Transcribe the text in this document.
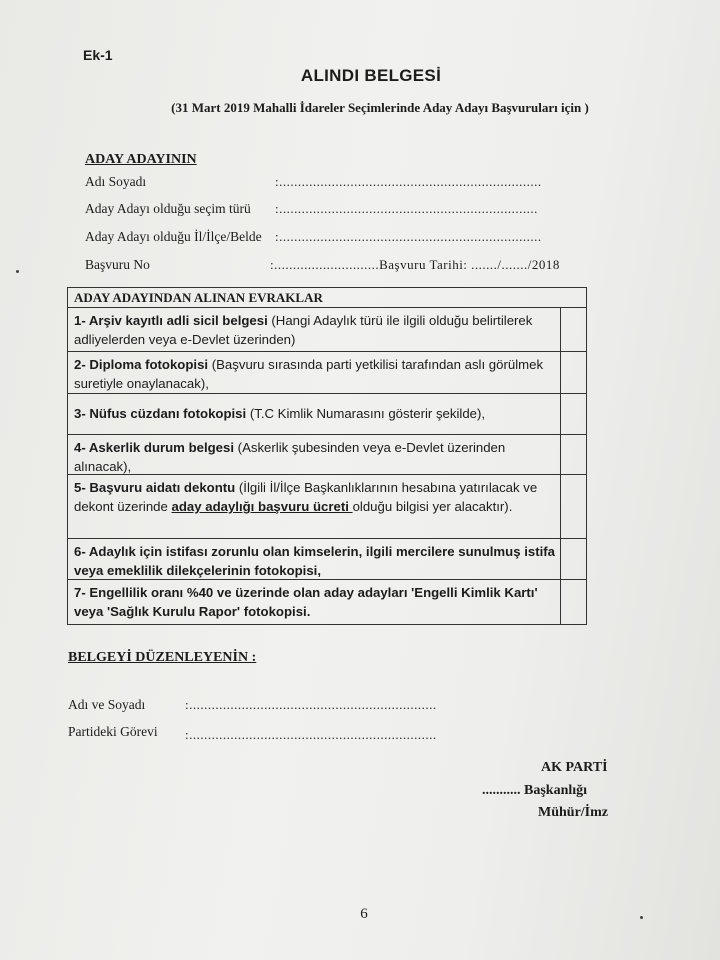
Ek-1
ALINDI BELGESİ
(31 Mart 2019 Mahalli İdareler Seçimlerinde Aday Adayı Başvuruları için )
ADAY ADAYININ
Adı Soyadı	:......................................................................
Aday Adayı olduğu seçim türü :.....................................................................
Aday Adayı olduğu İl/İlçe/Belde :......................................................................
Başvuru No	:............................Başvuru Tarihi: ......./......./2018
ADAY ADAYINDAN ALINAN EVRAKLAR
1- Arşiv kayıtlı adli sicil belgesi (Hangi Adaylık türü ile ilgili olduğu belirtilerek adliyelerden veya e-Devlet üzerinden)
2- Diploma fotokopisi (Başvuru sırasında parti yetkilisi tarafından aslı görülmek suretiyle onaylanacak),
3- Nüfus cüzdanı fotokopisi (T.C Kimlik Numarasını gösterir şekilde),
4- Askerlik durum belgesi (Askerlik şubesinden veya e-Devlet üzerinden alınacak),
5- Başvuru aidatı dekontu (İlgili İl/İlçe Başkanlıklarının hesabına yatırılacak ve dekont üzerinde aday adaylığı başvuru ücreti olduğu bilgisi yer alacaktır).
6- Adaylık için istifası zorunlu olan kimselerin, ilgili mercilere sunulmuş istifa veya emeklilik dilekçelerinin fotokopisi,
7- Engellilik oranı %40 ve üzerinde olan aday adayları 'Engelli Kimlik Kartı' veya 'Sağlık Kurulu Rapor' fotokopisi.
BELGEYİ DÜZENLEYENİN :
Adı ve Soyadı	:..................................................................
Partideki Görevi :..................................................................
AK PARTİ
........... Başkanlığı
Mühür/İmz
6
